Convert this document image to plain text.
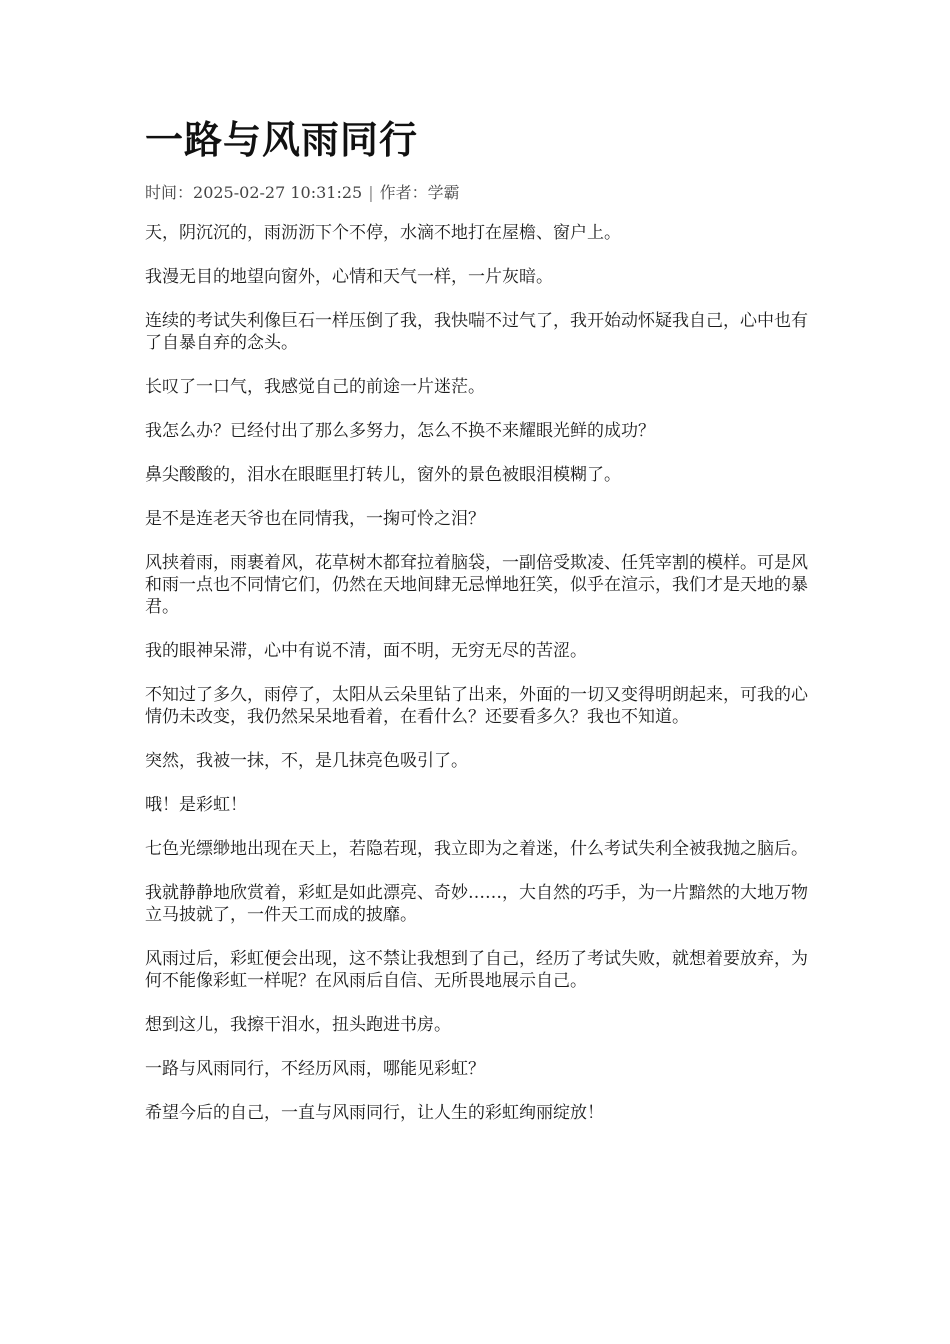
一路与风雨同行
时间：2025-02-27 10:31:25 | 作者：学霸

天，阴沉沉的，雨沥沥下个不停，水滴不地打在屋檐、窗户上。

我漫无目的地望向窗外，心情和天气一样，一片灰暗。

连续的考试失利像巨石一样压倒了我，我快喘不过气了，我开始动怀疑我自己，心中也有了自暴自弃的念头。

长叹了一口气，我感觉自己的前途一片迷茫。

我怎么办？已经付出了那么多努力，怎么不换不来耀眼光鲜的成功？

鼻尖酸酸的，泪水在眼眶里打转儿，窗外的景色被眼泪模糊了。

是不是连老天爷也在同情我，一掬可怜之泪？

风挟着雨，雨裹着风，花草树木都耷拉着脑袋，一副倍受欺凌、任凭宰割的模样。可是风和雨一点也不同情它们，仍然在天地间肆无忌惮地狂笑，似乎在渲示，我们才是天地的暴君。

我的眼神呆滞，心中有说不清，面不明，无穷无尽的苦涩。

不知过了多久，雨停了，太阳从云朵里钻了出来，外面的一切又变得明朗起来，可我的心情仍未改变，我仍然呆呆地看着，在看什么？还要看多久？我也不知道。

突然，我被一抹，不，是几抹亮色吸引了。

哦！是彩虹！

七色光缥缈地出现在天上，若隐若现，我立即为之着迷，什么考试失利全被我抛之脑后。

我就静静地欣赏着，彩虹是如此漂亮、奇妙……，大自然的巧手，为一片黯然的大地万物立马披就了，一件天工而成的披靡。

风雨过后，彩虹便会出现，这不禁让我想到了自己，经历了考试失败，就想着要放弃，为何不能像彩虹一样呢？在风雨后自信、无所畏地展示自己。

想到这儿，我擦干泪水，扭头跑进书房。

一路与风雨同行，不经历风雨，哪能见彩虹？

希望今后的自己，一直与风雨同行，让人生的彩虹绚丽绽放！
